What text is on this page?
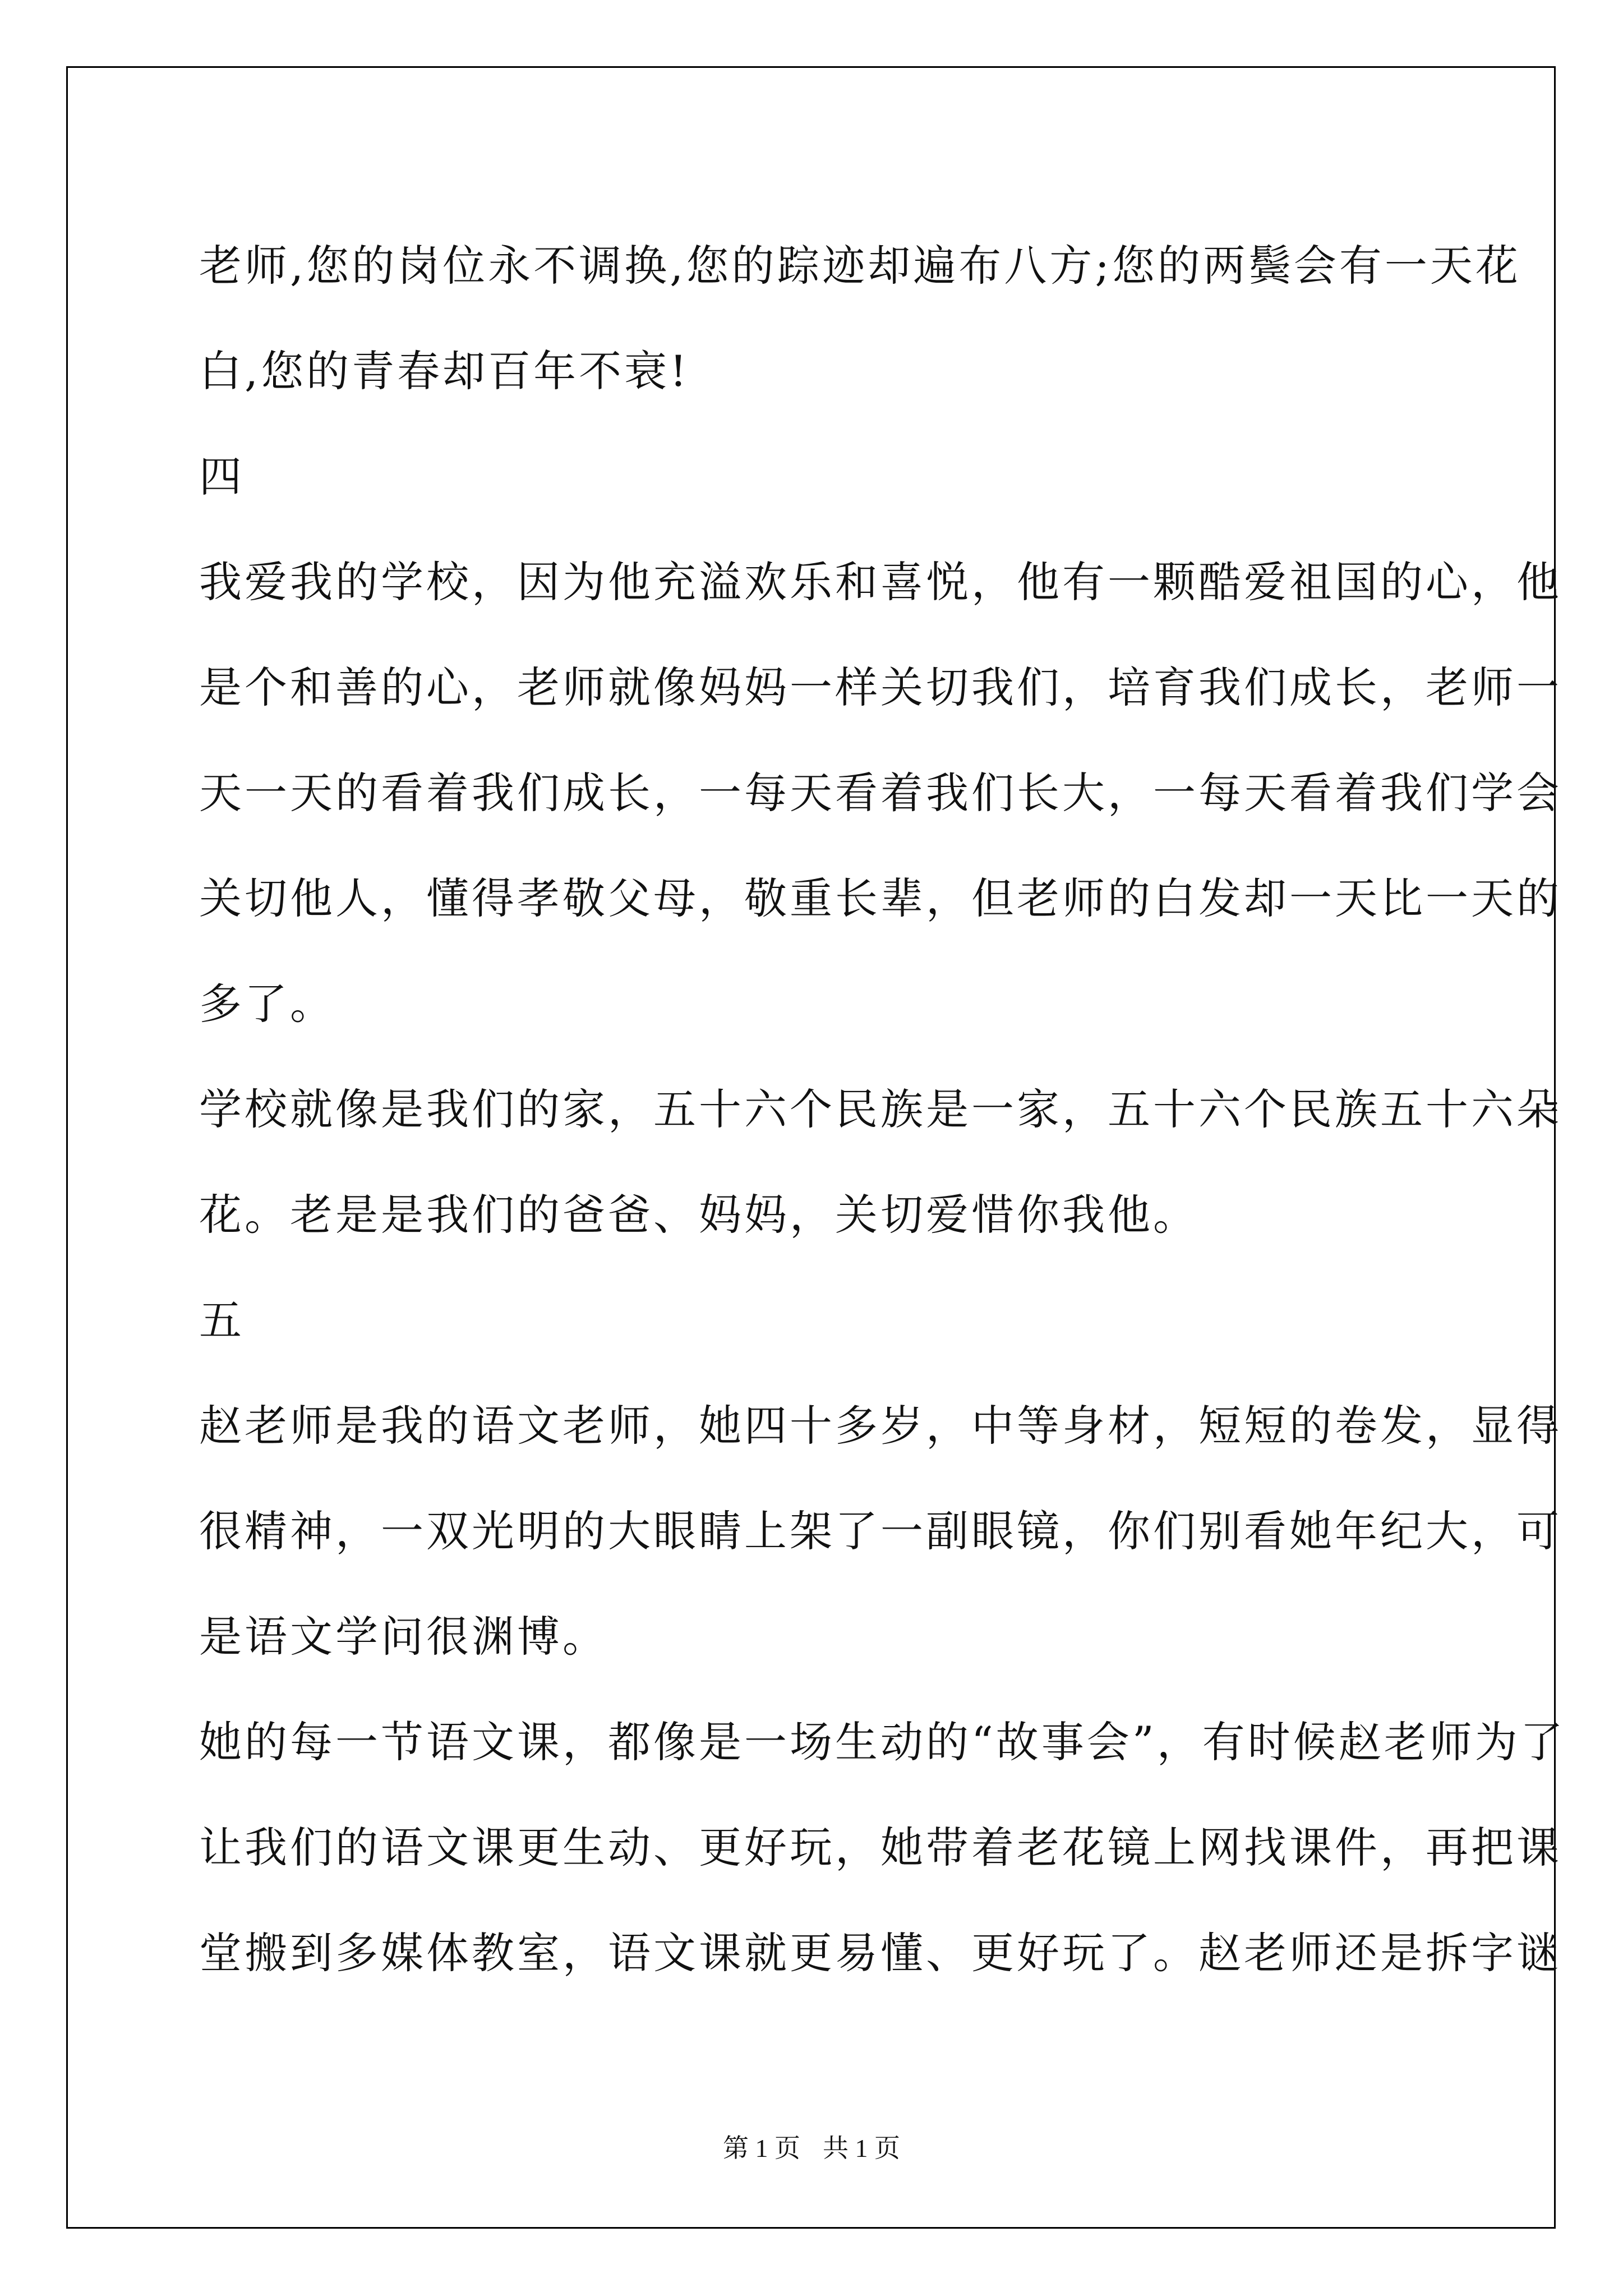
老师,您的岗位永不调换,您的踪迹却遍布八方;您的两鬓会有一天花
白,您的青春却百年不衰!
四
我爱我的学校，因为他充溢欢乐和喜悦，他有一颗酷爱祖国的心，他
是个和善的心，老师就像妈妈一样关切我们，培育我们成长，老师一
天一天的看着我们成长，一每天看着我们长大，一每天看着我们学会
关切他人，懂得孝敬父母，敬重长辈，但老师的白发却一天比一天的
多了。
学校就像是我们的家，五十六个民族是一家，五十六个民族五十六朵
花。老是是我们的爸爸、妈妈，关切爱惜你我他。
五
赵老师是我的语文老师，她四十多岁，中等身材，短短的卷发，显得
很精神，一双光明的大眼睛上架了一副眼镜，你们别看她年纪大，可
是语文学问很渊博。
她的每一节语文课，都像是一场生动的“故事会”，有时候赵老师为了
让我们的语文课更生动、更好玩，她带着老花镜上网找课件，再把课
堂搬到多媒体教室，语文课就更易懂、更好玩了。赵老师还是拆字谜
第 1 页 共 1 页
